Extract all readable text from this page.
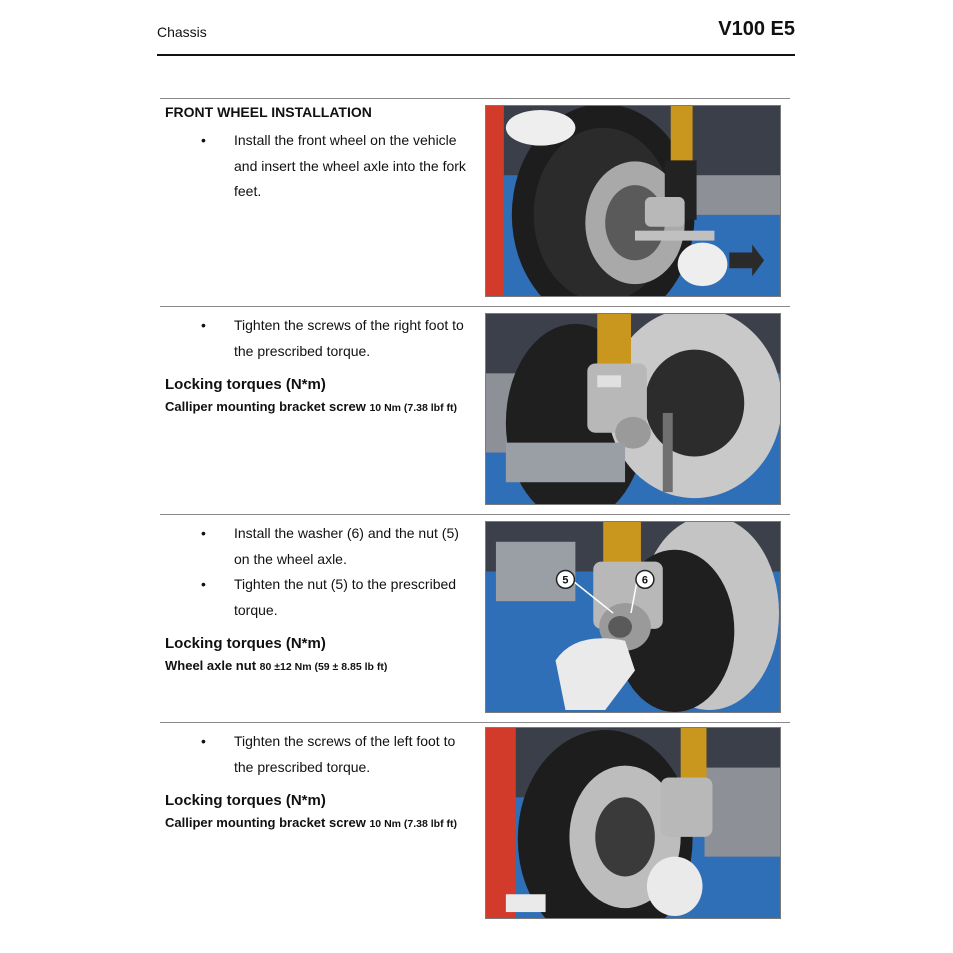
Chassis	V100 E5
FRONT WHEEL INSTALLATION
• Install the front wheel on the vehicle and insert the wheel axle into the fork feet.
• Tighten the screws of the right foot to the prescribed torque.
Locking torques (N*m)
Calliper mounting bracket screw 10 Nm (7.38 lbf ft)
• Install the washer (6) and the nut (5) on the wheel axle.
• Tighten the nut (5) to the prescribed torque.
Locking torques (N*m)
Wheel axle nut 80 ±12 Nm (59 ± 8.85 lb ft)
5	6
• Tighten the screws of the left foot to the prescribed torque.
Locking torques (N*m)
Calliper mounting bracket screw 10 Nm (7.38 lbf ft)
